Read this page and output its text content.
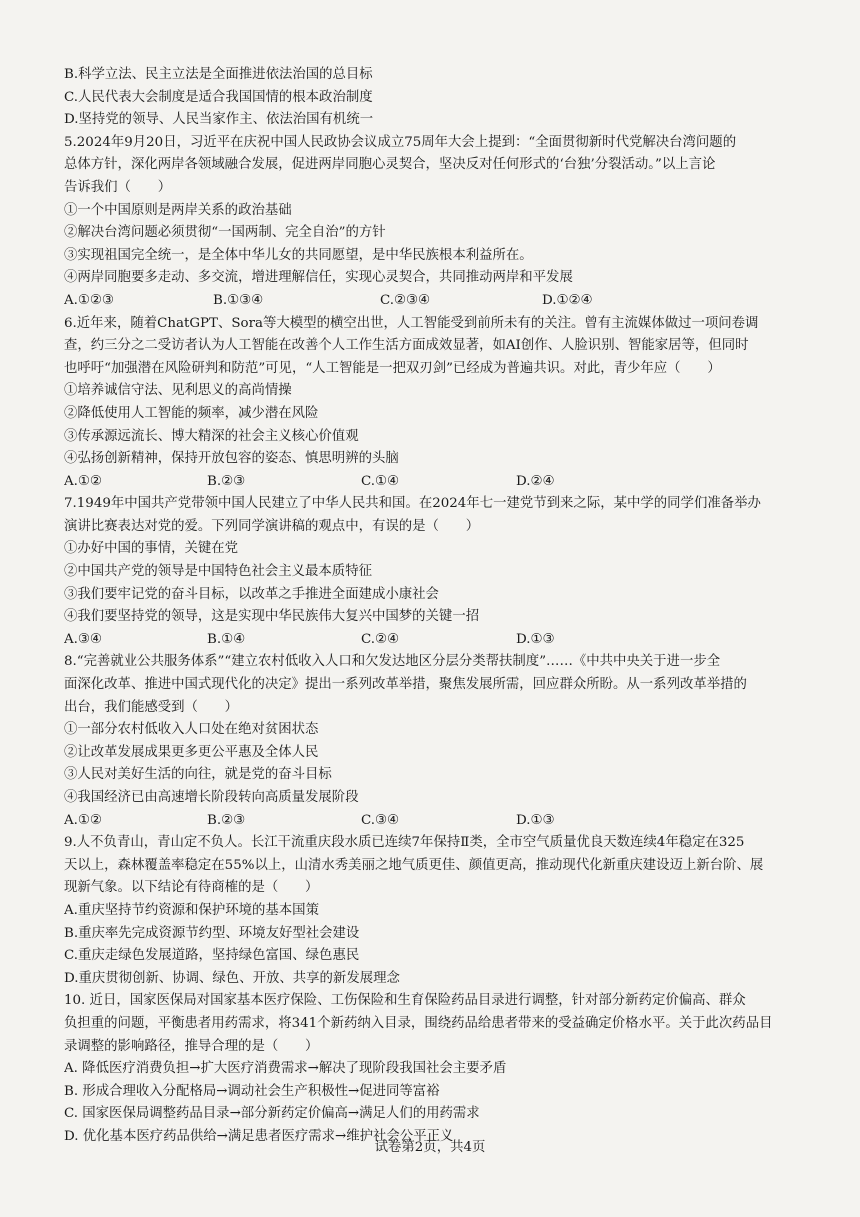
B.科学立法、民主立法是全面推进依法治国的总目标
C.人民代表大会制度是适合我国国情的根本政治制度
D.坚持党的领导、人民当家作主、依法治国有机统一
5.2024年9月20日，习近平在庆祝中国人民政协会议成立75周年大会上提到：“全面贯彻新时代党解决台湾问题的
总体方针，深化两岸各领域融合发展，促进两岸同胞心灵契合，坚决反对任何形式的‘台独’分裂活动。”以上言论
告诉我们（　　）
①一个中国原则是两岸关系的政治基础
②解决台湾问题必须贯彻“一国两制、完全自治”的方针
③实现祖国完全统一，是全体中华儿女的共同愿望，是中华民族根本利益所在。
④两岸同胞要多走动、多交流，增进理解信任，实现心灵契合，共同推动两岸和平发展
A.①②③	B.①③④	C.②③④	D.①②④
6.近年来，随着ChatGPT、Sora等大模型的横空出世，人工智能受到前所未有的关注。曾有主流媒体做过一项问卷调
查，约三分之二受访者认为人工智能在改善个人工作生活方面成效显著，如AI创作、人脸识别、智能家居等，但同时
也呼吁“加强潜在风险研判和防范”可见，“人工智能是一把双刃剑”已经成为普遍共识。对此，青少年应（　　）
①培养诚信守法、见利思义的高尚情操
②降低使用人工智能的频率，减少潜在风险
③传承源远流长、博大精深的社会主义核心价值观
④弘扬创新精神，保持开放包容的姿态、慎思明辨的头脑
A.①②	B.②③	C.①④	D.②④
7.1949年中国共产党带领中国人民建立了中华人民共和国。在2024年七一建党节到来之际，某中学的同学们准备举办
演讲比赛表达对党的爱。下列同学演讲稿的观点中，有误的是（　　）
①办好中国的事情，关键在党
②中国共产党的领导是中国特色社会主义最本质特征
③我们要牢记党的奋斗目标，以改革之手推进全面建成小康社会
④我们要坚持党的领导，这是实现中华民族伟大复兴中国梦的关键一招
A.③④	B.①④	C.②④	D.①③
8.“完善就业公共服务体系”“建立农村低收入人口和欠发达地区分层分类帮扶制度”……《中共中央关于进一步全
面深化改革、推进中国式现代化的决定》提出一系列改革举措，聚焦发展所需，回应群众所盼。从一系列改革举措的
出台，我们能感受到（　　）
①一部分农村低收入人口处在绝对贫困状态
②让改革发展成果更多更公平惠及全体人民
③人民对美好生活的向往，就是党的奋斗目标
④我国经济已由高速增长阶段转向高质量发展阶段
A.①②	B.②③	C.③④	D.①③
9.人不负青山，青山定不负人。长江干流重庆段水质已连续7年保持Ⅱ类，全市空气质量优良天数连续4年稳定在325
天以上，森林覆盖率稳定在55%以上，山清水秀美丽之地气质更佳、颜值更高，推动现代化新重庆建设迈上新台阶、展
现新气象。以下结论有待商榷的是（　　）
A.重庆坚持节约资源和保护环境的基本国策
B.重庆率先完成资源节约型、环境友好型社会建设
C.重庆走绿色发展道路，坚持绿色富国、绿色惠民
D.重庆贯彻创新、协调、绿色、开放、共享的新发展理念
10. 近日，国家医保局对国家基本医疗保险、工伤保险和生育保险药品目录进行调整，针对部分新药定价偏高、群众
负担重的问题，平衡患者用药需求，将341个新药纳入目录，围绕药品给患者带来的受益确定价格水平。关于此次药品目
录调整的影响路径，推导合理的是（　　）
A. 降低医疗消费负担→扩大医疗消费需求→解决了现阶段我国社会主要矛盾
B. 形成合理收入分配格局→调动社会生产积极性→促进同等富裕
C. 国家医保局调整药品目录→部分新药定价偏高→满足人们的用药需求
D. 优化基本医疗药品供给→满足患者医疗需求→维护社会公平正义
试卷第2页，共4页
